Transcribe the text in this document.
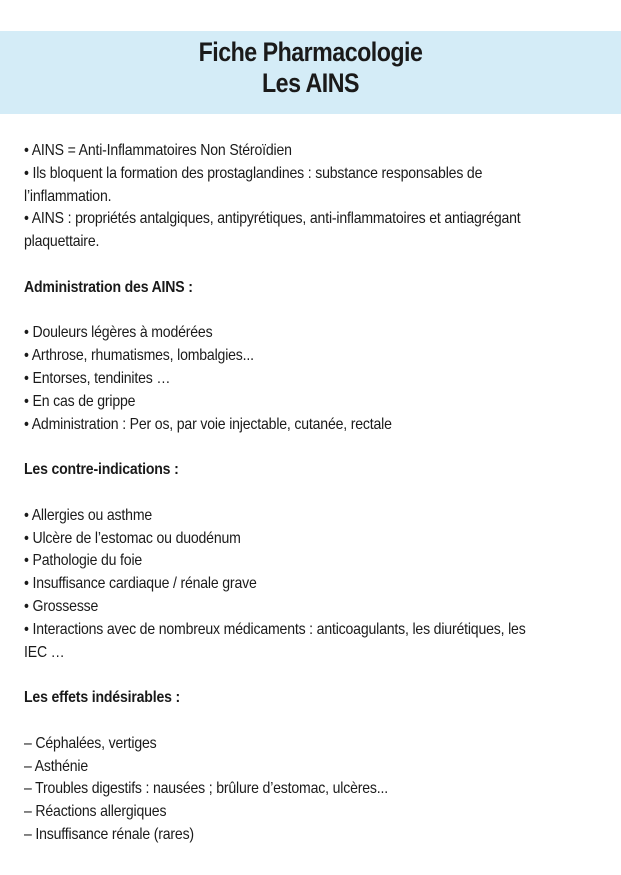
Fiche Pharmacologie
Les AINS
• AINS = Anti-Inflammatoires Non Stéroïdien
• Ils bloquent la formation des prostaglandines : substance responsables de
l’inflammation.
• AINS : propriétés antalgiques, antipyrétiques, anti-inflammatoires et antiagrégant
plaquettaire.
Administration des AINS :
• Douleurs légères à modérées
• Arthrose, rhumatismes, lombalgies...
• Entorses, tendinites …
• En cas de grippe
• Administration : Per os, par voie injectable, cutanée, rectale
Les contre-indications :
• Allergies ou asthme
• Ulcère de l’estomac ou duodénum
• Pathologie du foie
• Insuffisance cardiaque / rénale grave
• Grossesse
• Interactions avec de nombreux médicaments : anticoagulants, les diurétiques, les
IEC …
Les effets indésirables :
– Céphalées, vertiges
– Asthénie
– Troubles digestifs : nausées ; brûlure d’estomac, ulcères...
– Réactions allergiques
– Insuffisance rénale (rares)
